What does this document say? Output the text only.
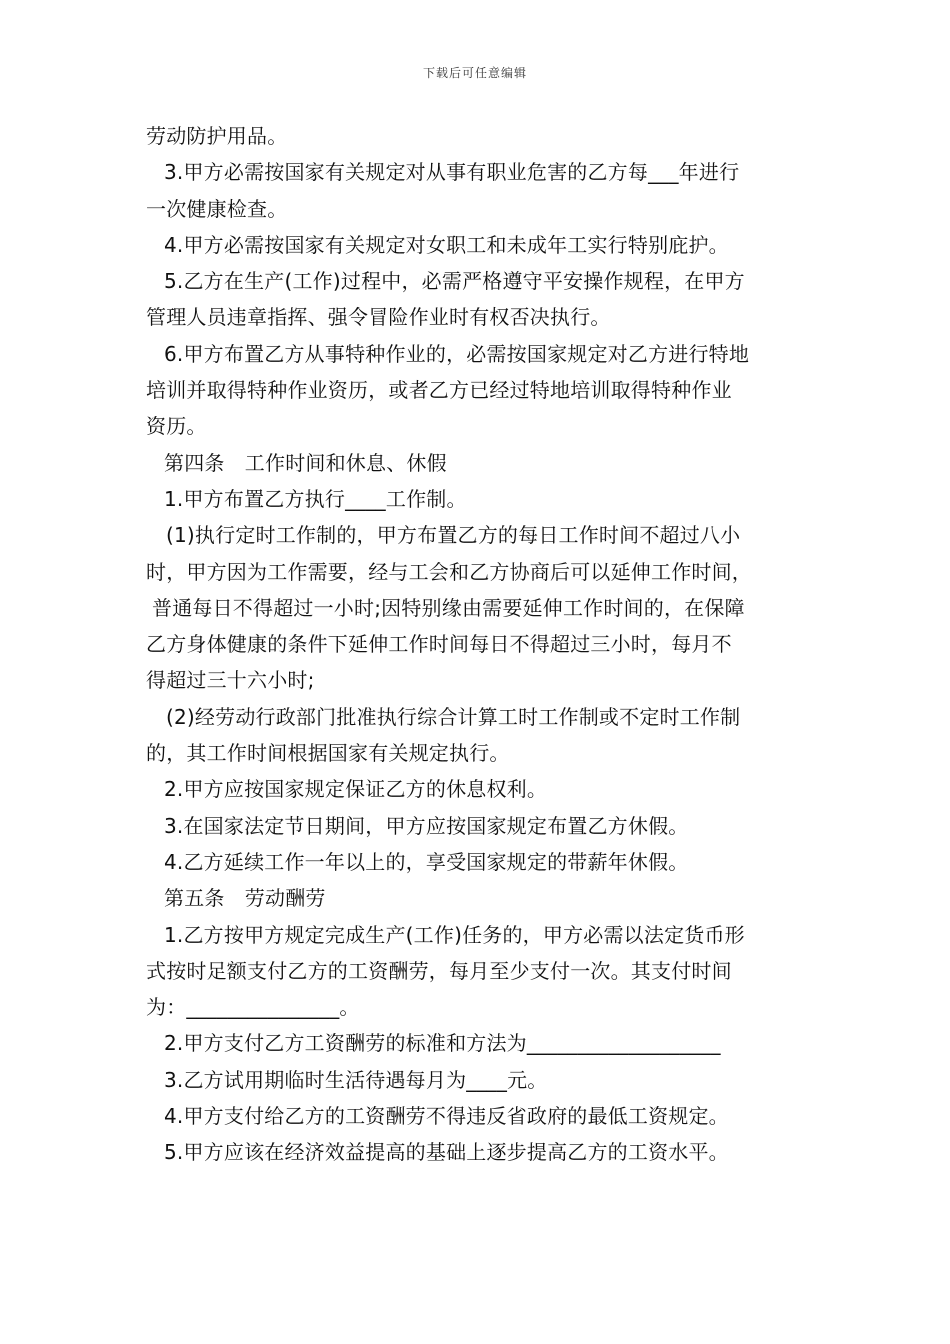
下载后可任意编辑
劳动防护用品。
3.甲方必需按国家有关规定对从事有职业危害的乙方每___年进行
一次健康检查。
4.甲方必需按国家有关规定对女职工和未成年工实行特别庇护。
5.乙方在生产(工作)过程中，必需严格遵守平安操作规程，在甲方
管理人员违章指挥、强令冒险作业时有权否决执行。
6.甲方布置乙方从事特种作业的，必需按国家规定对乙方进行特地
培训并取得特种作业资历，或者乙方已经过特地培训取得特种作业
资历。
第四条　工作时间和休息、休假
1.甲方布置乙方执行____工作制。
(1)执行定时工作制的，甲方布置乙方的每日工作时间不超过八小
时，甲方因为工作需要，经与工会和乙方协商后可以延伸工作时间，
普通每日不得超过一小时;因特别缘由需要延伸工作时间的，在保障
乙方身体健康的条件下延伸工作时间每日不得超过三小时，每月不
得超过三十六小时;
(2)经劳动行政部门批准执行综合计算工时工作制或不定时工作制
的，其工作时间根据国家有关规定执行。
2.甲方应按国家规定保证乙方的休息权利。
3.在国家法定节日期间，甲方应按国家规定布置乙方休假。
4.乙方延续工作一年以上的，享受国家规定的带薪年休假。
第五条　劳动酬劳
1.乙方按甲方规定完成生产(工作)任务的，甲方必需以法定货币形
式按时足额支付乙方的工资酬劳，每月至少支付一次。其支付时间
为：_______________。
2.甲方支付乙方工资酬劳的标准和方法为___________________
3.乙方试用期临时生活待遇每月为____元。
4.甲方支付给乙方的工资酬劳不得违反省政府的最低工资规定。
5.甲方应该在经济效益提高的基础上逐步提高乙方的工资水平。
